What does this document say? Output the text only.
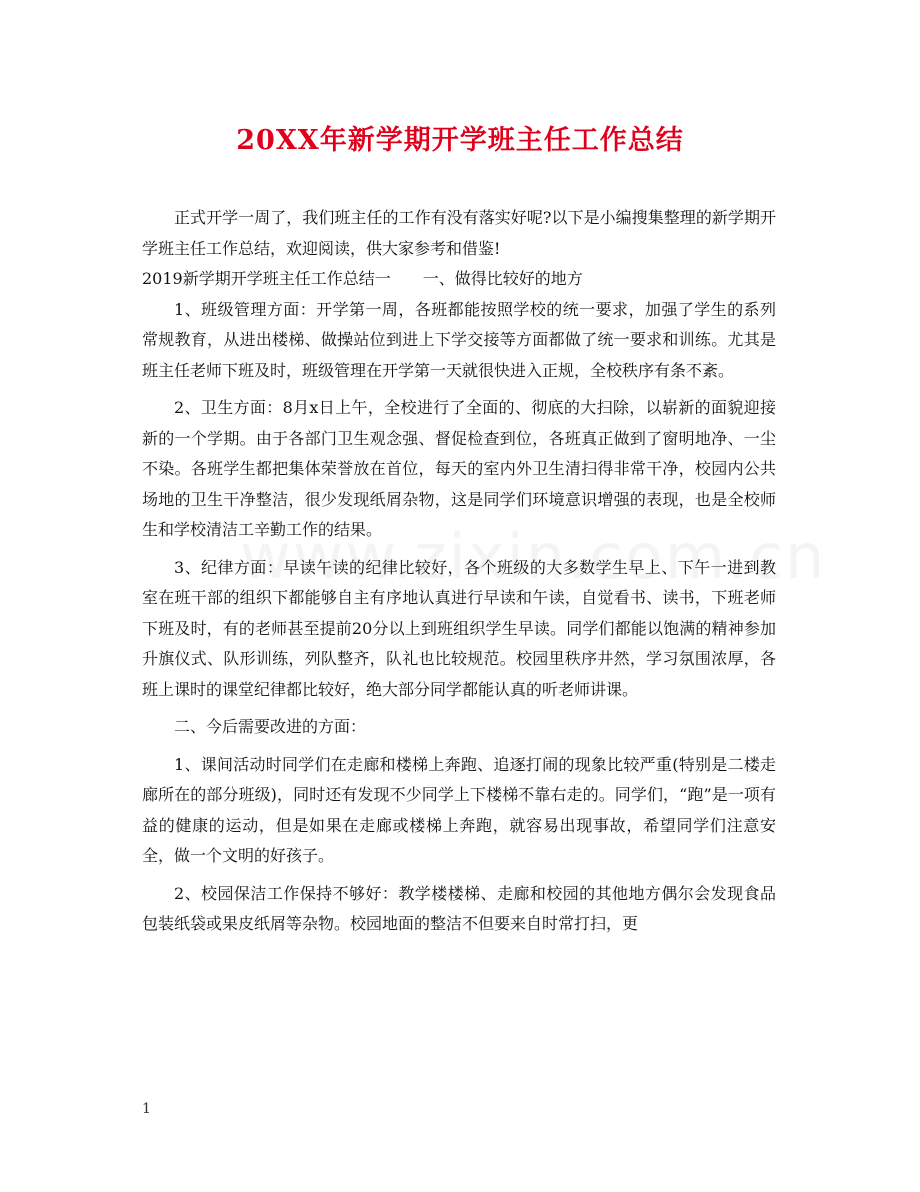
20XX年新学期开学班主任工作总结

正式开学一周了，我们班主任的工作有没有落实好呢?以下是小编搜集整理的新学期开学班主任工作总结，欢迎阅读，供大家参考和借鉴!

2019新学期开学班主任工作总结一　　一、做得比较好的地方

1、班级管理方面：开学第一周，各班都能按照学校的统一要求，加强了学生的系列常规教育，从进出楼梯、做操站位到进上下学交接等方面都做了统一要求和训练。尤其是班主任老师下班及时，班级管理在开学第一天就很快进入正规，全校秩序有条不紊。

2、卫生方面：8月x日上午，全校进行了全面的、彻底的大扫除，以崭新的面貌迎接新的一个学期。由于各部门卫生观念强、督促检查到位，各班真正做到了窗明地净、一尘不染。各班学生都把集体荣誉放在首位，每天的室内外卫生清扫得非常干净，校园内公共场地的卫生干净整洁，很少发现纸屑杂物，这是同学们环境意识增强的表现，也是全校师生和学校清洁工辛勤工作的结果。

3、纪律方面：早读午读的纪律比较好，各个班级的大多数学生早上、下午一进到教室在班干部的组织下都能够自主有序地认真进行早读和午读，自觉看书、读书，下班老师下班及时，有的老师甚至提前20分以上到班组织学生早读。同学们都能以饱满的精神参加升旗仪式、队形训练，列队整齐，队礼也比较规范。校园里秩序井然，学习氛围浓厚，各班上课时的课堂纪律都比较好，绝大部分同学都能认真的听老师讲课。

二、今后需要改进的方面：

1、课间活动时同学们在走廊和楼梯上奔跑、追逐打闹的现象比较严重(特别是二楼走廊所在的部分班级)，同时还有发现不少同学上下楼梯不靠右走的。同学们，“跑”是一项有益的健康的运动，但是如果在走廊或楼梯上奔跑，就容易出现事故，希望同学们注意安全，做一个文明的好孩子。

2、校园保洁工作保持不够好：教学楼楼梯、走廊和校园的其他地方偶尔会发现食品包装纸袋或果皮纸屑等杂物。校园地面的整洁不但要来自时常打扫，更

1
